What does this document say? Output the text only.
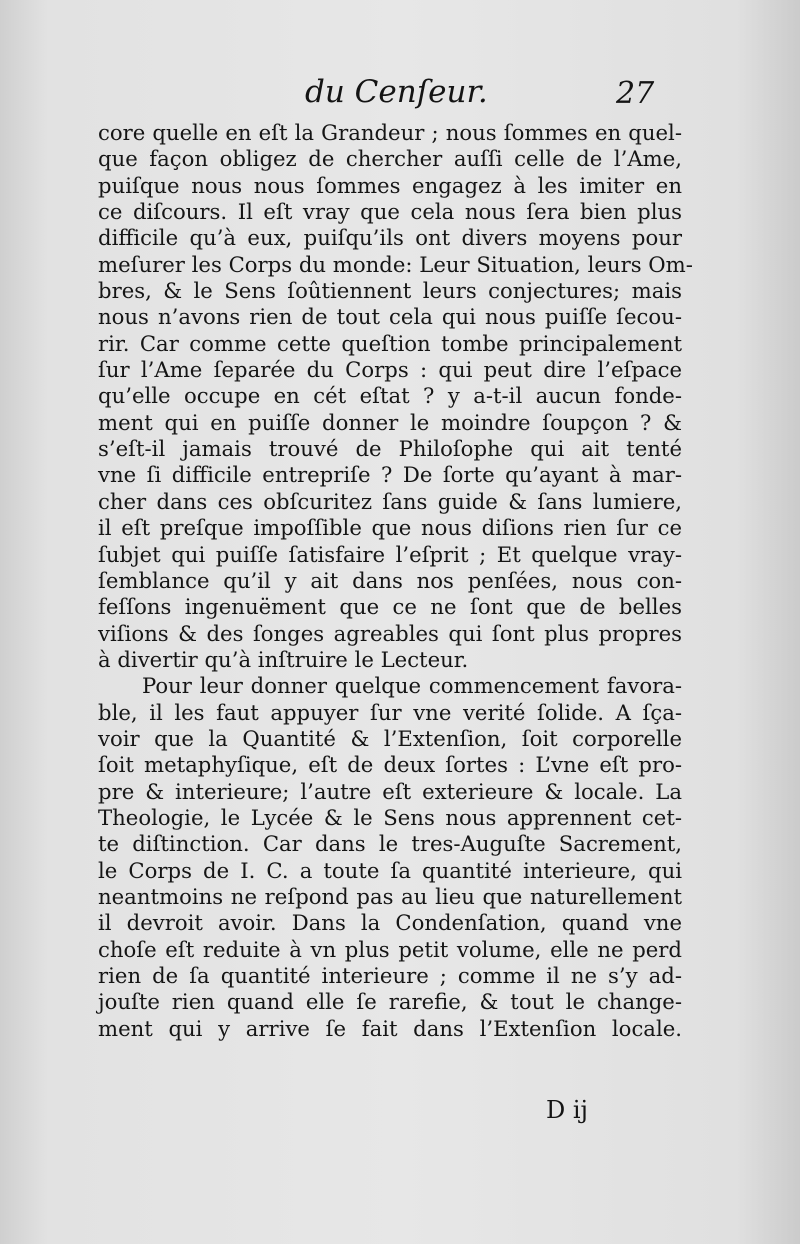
du Cenſeur.	27
core quelle en eſt la Grandeur ; nous ſommes en quel-
que façon obligez de chercher auſſi celle de l’Ame,
puiſque nous nous ſommes engagez à les imiter en
ce diſcours. Il eſt vray que cela nous ſera bien plus
difficile qu’à eux, puiſqu’ils ont divers moyens pour
meſurer les Corps du monde: Leur Situation, leurs Om-
bres, & le Sens ſoûtiennent leurs conjectures; mais
nous n’avons rien de tout cela qui nous puiſſe ſecou-
rir. Car comme cette queſtion tombe principalement
ſur l’Ame ſeparée du Corps : qui peut dire l’eſpace
qu’elle occupe en cét eſtat ? y a-t-il aucun fonde-
ment qui en puiſſe donner le moindre ſoupçon ? &
s’eſt-il jamais trouvé de Philoſophe qui ait tenté
vne ſi difficile entrepriſe ? De ſorte qu’ayant à mar-
cher dans ces obſcuritez ſans guide & ſans lumiere,
il eſt preſque impoſſible que nous diſions rien ſur ce
ſubjet qui puiſſe ſatisfaire l’eſprit ; Et quelque vray-
ſemblance qu’il y ait dans nos penſées, nous con-
feſſons ingenuëment que ce ne ſont que de belles
viſions & des ſonges agreables qui ſont plus propres
à divertir qu’à inſtruire le Lecteur.
Pour leur donner quelque commencement favora-
ble, il les faut appuyer ſur vne verité ſolide. A ſça-
voir que la Quantité & l’Extenſion, ſoit corporelle
ſoit metaphyſique, eſt de deux ſortes : L’vne eſt pro-
pre & interieure; l’autre eſt exterieure & locale. La
Theologie, le Lycée & le Sens nous apprennent cet-
te diſtinction. Car dans le tres-Auguſte Sacrement,
le Corps de I. C. a toute ſa quantité interieure, qui
neantmoins ne reſpond pas au lieu que naturellement
il devroit avoir. Dans la Condenſation, quand vne
choſe eſt reduite à vn plus petit volume, elle ne perd
rien de ſa quantité interieure ; comme il ne s’y ad-
jouſte rien quand elle ſe rarefie, & tout le change-
ment qui y arrive ſe fait dans l’Extenſion locale.
D ij
